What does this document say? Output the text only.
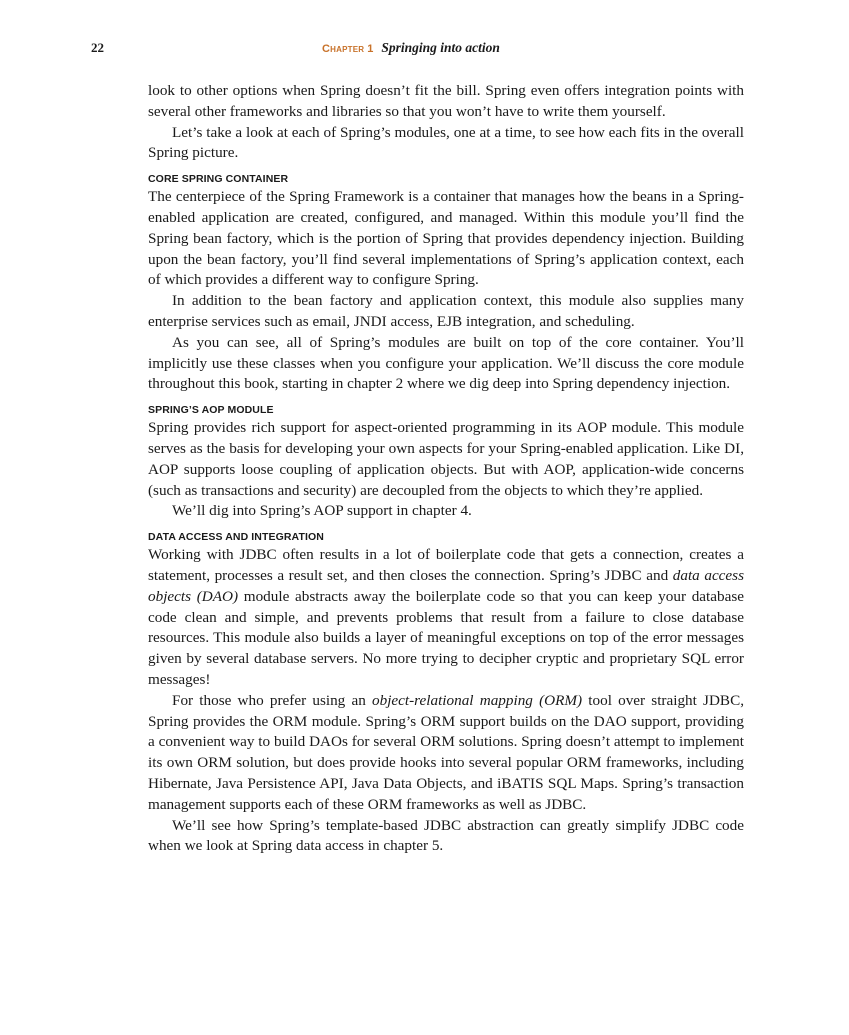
22	Chapter 1 Springing into action

look to other options when Spring doesn’t fit the bill. Spring even offers integration points with several other frameworks and libraries so that you won’t have to write them yourself.

Let’s take a look at each of Spring’s modules, one at a time, to see how each fits in the overall Spring picture.

CORE SPRING CONTAINER

The centerpiece of the Spring Framework is a container that manages how the beans in a Spring-enabled application are created, configured, and managed. Within this module you’ll find the Spring bean factory, which is the portion of Spring that provides dependency injection. Building upon the bean factory, you’ll find several implementations of Spring’s application context, each of which provides a different way to configure Spring.

In addition to the bean factory and application context, this module also supplies many enterprise services such as email, JNDI access, EJB integration, and scheduling.

As you can see, all of Spring’s modules are built on top of the core container. You’ll implicitly use these classes when you configure your application. We’ll discuss the core module throughout this book, starting in chapter 2 where we dig deep into Spring dependency injection.

SPRING’S AOP MODULE

Spring provides rich support for aspect-oriented programming in its AOP module. This module serves as the basis for developing your own aspects for your Spring-enabled application. Like DI, AOP supports loose coupling of application objects. But with AOP, application-wide concerns (such as transactions and security) are decoupled from the objects to which they’re applied.

We’ll dig into Spring’s AOP support in chapter 4.

DATA ACCESS AND INTEGRATION

Working with JDBC often results in a lot of boilerplate code that gets a connection, creates a statement, processes a result set, and then closes the connection. Spring’s JDBC and data access objects (DAO) module abstracts away the boilerplate code so that you can keep your database code clean and simple, and prevents problems that result from a failure to close database resources. This module also builds a layer of meaningful exceptions on top of the error messages given by several database servers. No more trying to decipher cryptic and proprietary SQL error messages!

For those who prefer using an object-relational mapping (ORM) tool over straight JDBC, Spring provides the ORM module. Spring’s ORM support builds on the DAO support, providing a convenient way to build DAOs for several ORM solutions. Spring doesn’t attempt to implement its own ORM solution, but does provide hooks into several popular ORM frameworks, including Hibernate, Java Persistence API, Java Data Objects, and iBATIS SQL Maps. Spring’s transaction management supports each of these ORM frameworks as well as JDBC.

We’ll see how Spring’s template-based JDBC abstraction can greatly simplify JDBC code when we look at Spring data access in chapter 5.
